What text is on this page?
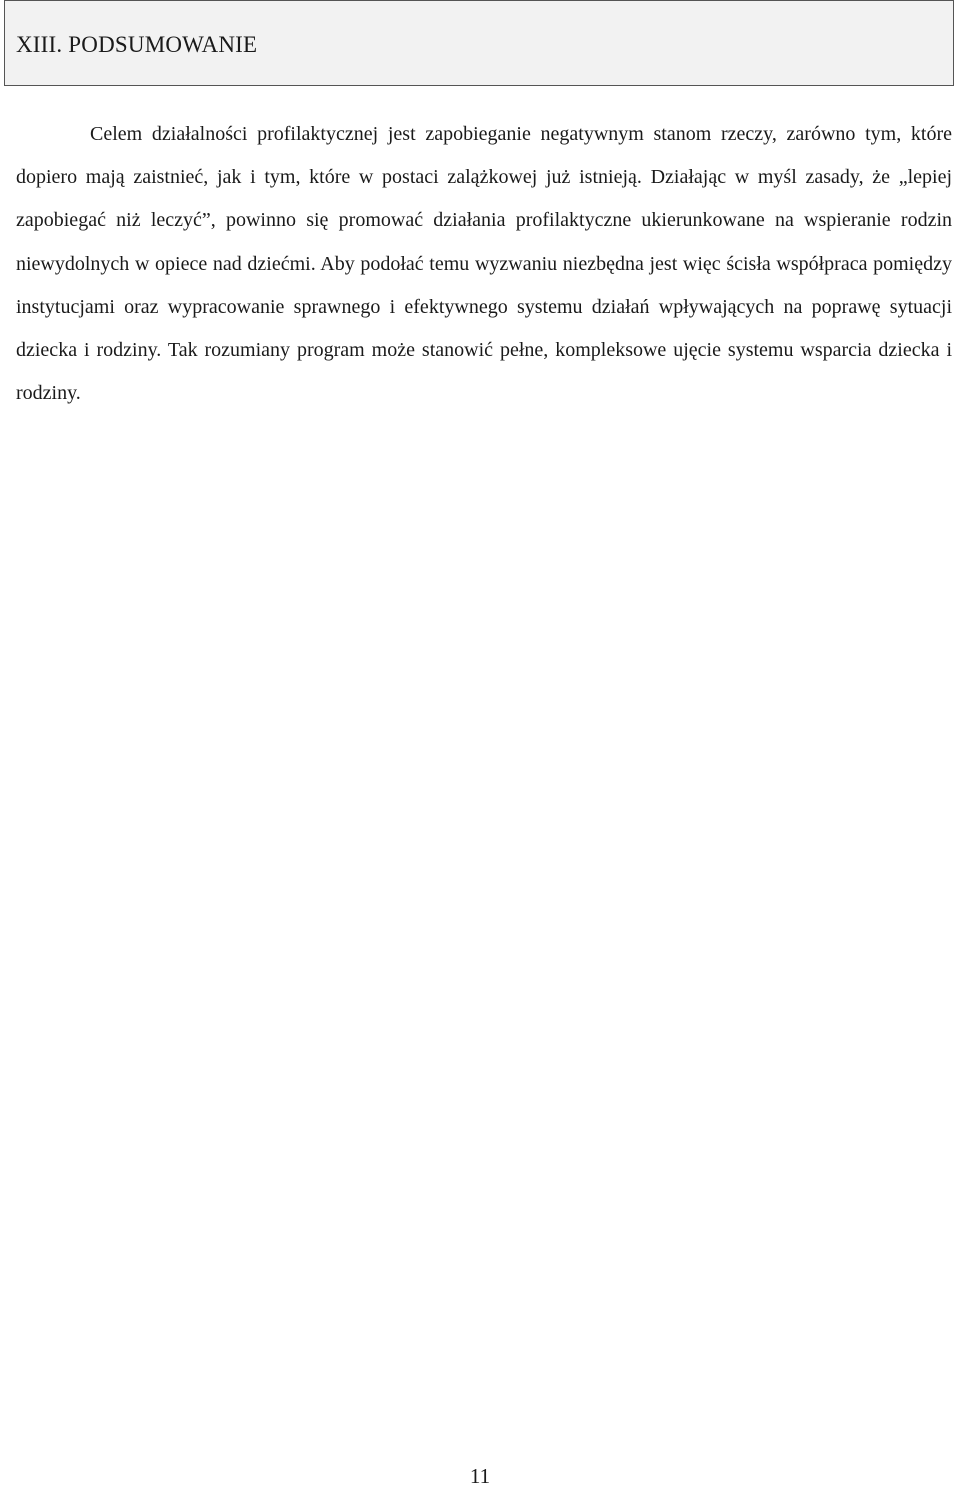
XIII. PODSUMOWANIE

Celem działalności profilaktycznej jest zapobieganie negatywnym stanom rzeczy, zarówno tym, które dopiero mają zaistnieć, jak i tym, które w postaci zalążkowej już istnieją. Działając w myśl zasady, że „lepiej zapobiegać niż leczyć”, powinno się promować działania profilaktyczne ukierunkowane na wspieranie rodzin niewydolnych w opiece nad dziećmi. Aby podołać temu wyzwaniu niezbędna jest więc ścisła współpraca pomiędzy instytucjami oraz wypracowanie sprawnego i efektywnego systemu działań wpływających na poprawę sytuacji dziecka i rodziny. Tak rozumiany program może stanowić pełne, kompleksowe ujęcie systemu wsparcia dziecka i rodziny.

11
